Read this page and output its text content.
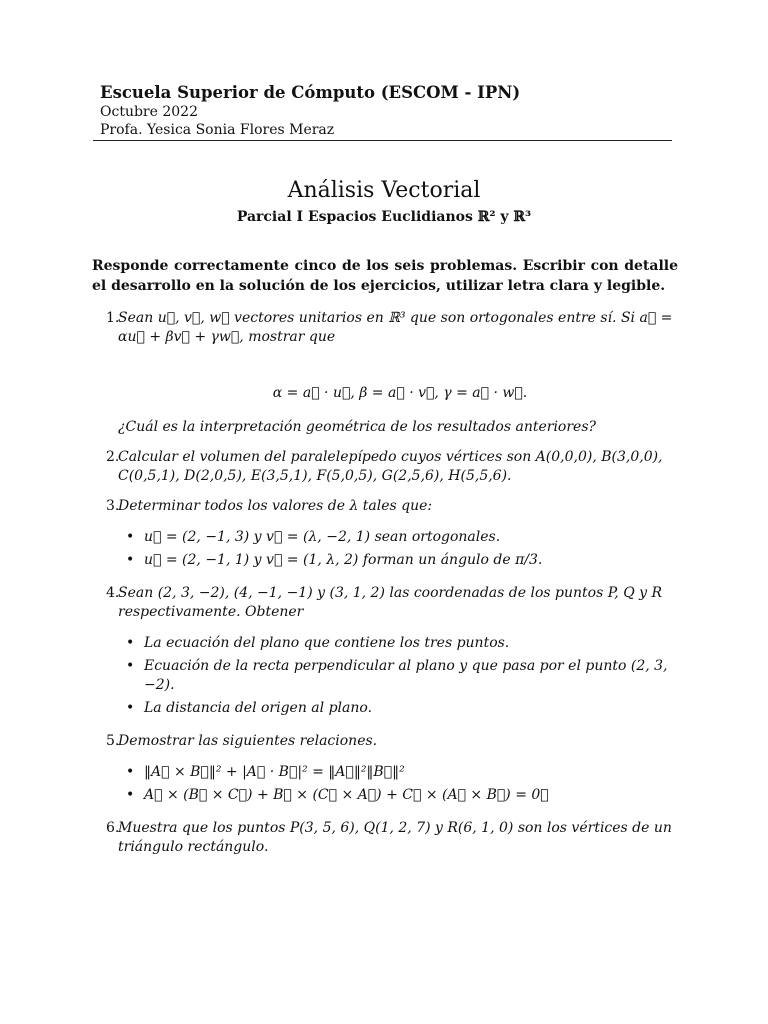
Escuela Superior de Cómputo (ESCOM - IPN)
Octubre 2022
Profa. Yesica Sonia Flores Meraz
Análisis Vectorial
Parcial I Espacios Euclidianos ℝ² y ℝ³
Responde correctamente cinco de los seis problemas. Escribir con detalle el desarrollo en la solución de los ejercicios, utilizar letra clara y legible.
1.
Sean u⃗, v⃗, w⃗ vectores unitarios en ℝ³ que son ortogonales entre sí. Si a⃗ = αu⃗ + βv⃗ + γw⃗, mostrar que
α = a⃗ · u⃗, β = a⃗ · v⃗, γ = a⃗ · w⃗.
¿Cuál es la interpretación geométrica de los resultados anteriores?
2.
Calcular el volumen del paralelepípedo cuyos vértices son A(0,0,0), B(3,0,0), C(0,5,1), D(2,0,5), E(3,5,1), F(5,0,5), G(2,5,6), H(5,5,6).
3.
Determinar todos los valores de λ tales que:
• u⃗ = (2, −1, 3) y v⃗ = (λ, −2, 1) sean ortogonales.
• u⃗ = (2, −1, 1) y v⃗ = (1, λ, 2) forman un ángulo de π/3.
4.
Sean (2, 3, −2), (4, −1, −1) y (3, 1, 2) las coordenadas de los puntos P, Q y R respectivamente. Obtener
• La ecuación del plano que contiene los tres puntos.
• Ecuación de la recta perpendicular al plano y que pasa por el punto (2, 3, −2).
• La distancia del origen al plano.
5.
Demostrar las siguientes relaciones.
• ‖A⃗ × B⃗‖² + |A⃗ · B⃗|² = ‖A⃗‖²‖B⃗‖²
• A⃗ × (B⃗ × C⃗) + B⃗ × (C⃗ × A⃗) + C⃗ × (A⃗ × B⃗) = 0⃗
6.
Muestra que los puntos P(3, 5, 6), Q(1, 2, 7) y R(6, 1, 0) son los vértices de un triángulo rectángulo.
